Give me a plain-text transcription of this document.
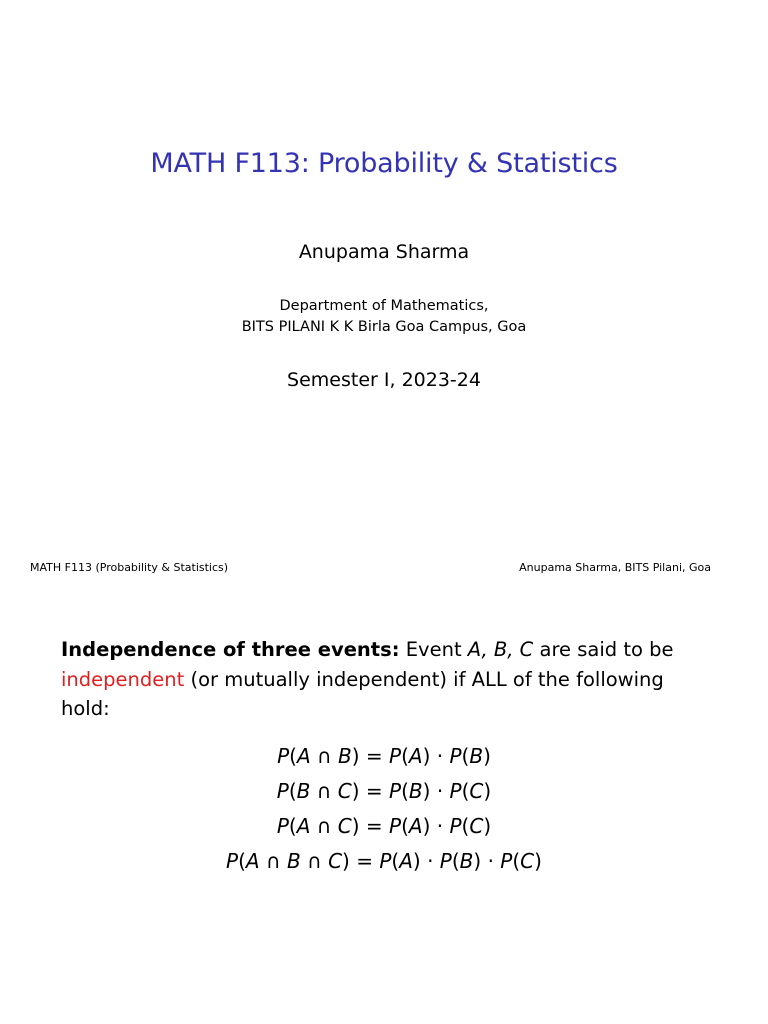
MATH F113: Probability & Statistics
Anupama Sharma
Department of Mathematics,
BITS PILANI K K Birla Goa Campus, Goa
Semester I, 2023-24
MATH F113 (Probability & Statistics)	Anupama Sharma, BITS Pilani, Goa
Independence of three events: Event A, B, C are said to be independent (or mutually independent) if ALL of the following hold:
P(A ∩ B) = P(A) · P(B)
P(B ∩ C) = P(B) · P(C)
P(A ∩ C) = P(A) · P(C)
P(A ∩ B ∩ C) = P(A) · P(B) · P(C)
